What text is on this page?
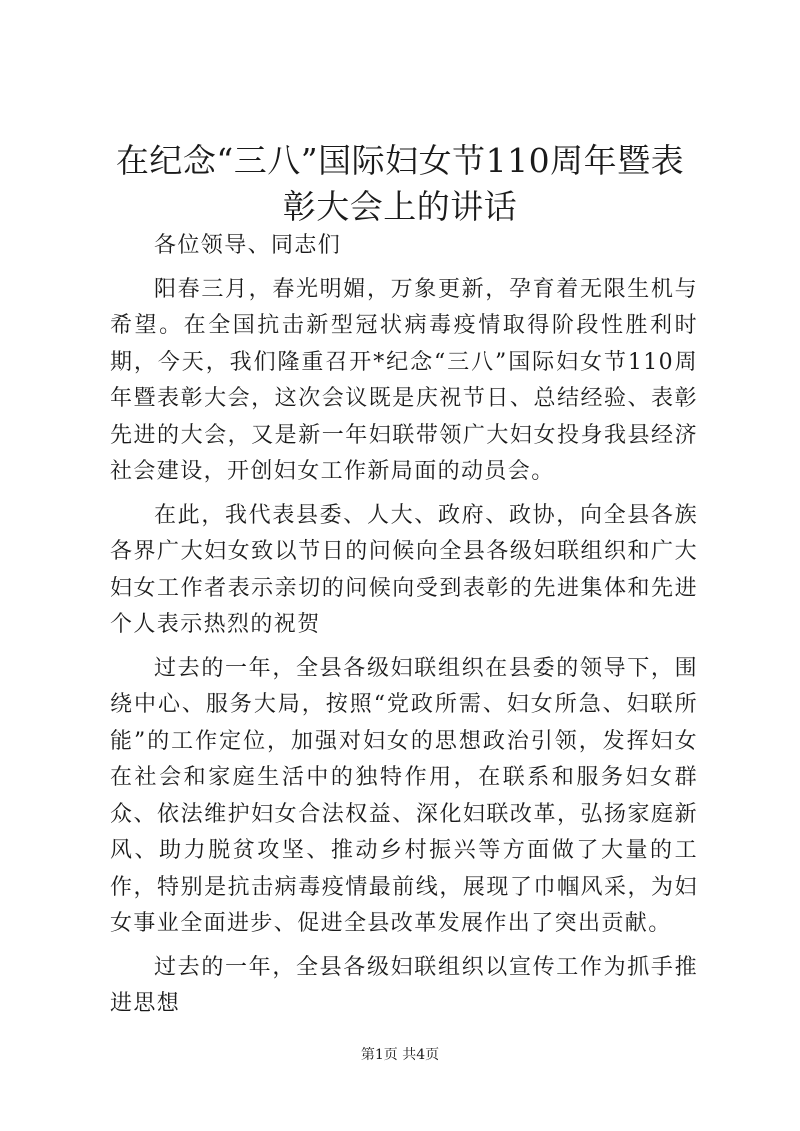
在纪念“三八”国际妇女节110周年暨表彰大会上的讲话

各位领导、同志们

阳春三月，春光明媚，万象更新，孕育着无限生机与希望。在全国抗击新型冠状病毒疫情取得阶段性胜利时期，今天，我们隆重召开*纪念“三八”国际妇女节110周年暨表彰大会，这次会议既是庆祝节日、总结经验、表彰先进的大会，又是新一年妇联带领广大妇女投身我县经济社会建设，开创妇女工作新局面的动员会。

在此，我代表县委、人大、政府、政协，向全县各族各界广大妇女致以节日的问候向全县各级妇联组织和广大妇女工作者表示亲切的问候向受到表彰的先进集体和先进个人表示热烈的祝贺

过去的一年，全县各级妇联组织在县委的领导下，围绕中心、服务大局，按照“党政所需、妇女所急、妇联所能”的工作定位，加强对妇女的思想政治引领，发挥妇女在社会和家庭生活中的独特作用，在联系和服务妇女群众、依法维护妇女合法权益、深化妇联改革，弘扬家庭新风、助力脱贫攻坚、推动乡村振兴等方面做了大量的工作，特别是抗击病毒疫情最前线，展现了巾帼风采，为妇女事业全面进步、促进全县改革发展作出了突出贡献。

过去的一年，全县各级妇联组织以宣传工作为抓手推进思想

第1页 共4页
